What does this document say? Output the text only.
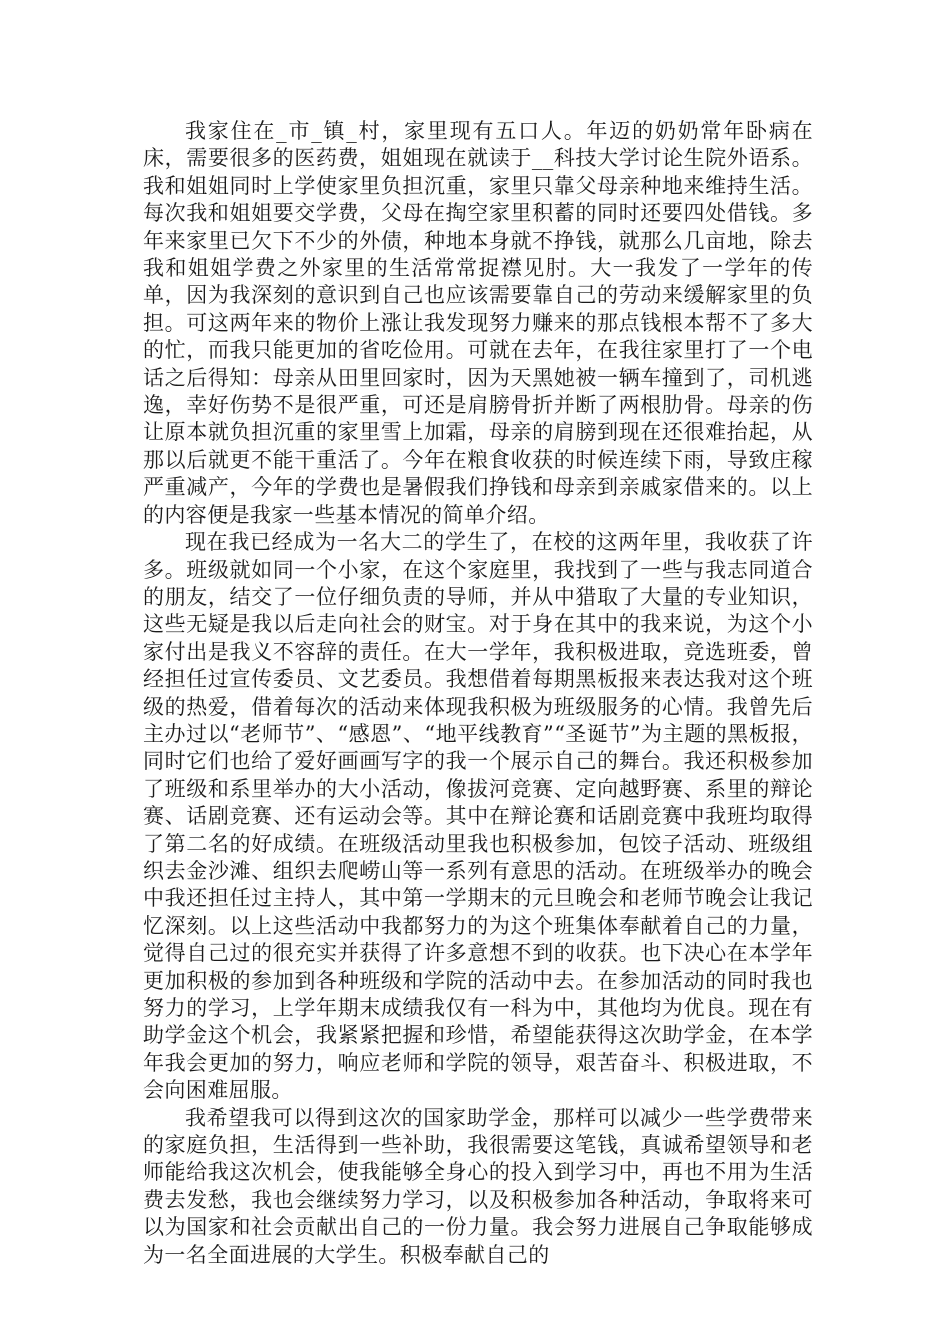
我家住在_市_镇_村，家里现有五口人。年迈的奶奶常年卧病在床，需要很多的医药费，姐姐现在就读于__科技大学讨论生院外语系。我和姐姐同时上学使家里负担沉重，家里只靠父母亲种地来维持生活。每次我和姐姐要交学费，父母在掏空家里积蓄的同时还要四处借钱。多年来家里已欠下不少的外债，种地本身就不挣钱，就那么几亩地，除去我和姐姐学费之外家里的生活常常捉襟见肘。大一我发了一学年的传单，因为我深刻的意识到自己也应该需要靠自己的劳动来缓解家里的负担。可这两年来的物价上涨让我发现努力赚来的那点钱根本帮不了多大的忙，而我只能更加的省吃俭用。可就在去年，在我往家里打了一个电话之后得知：母亲从田里回家时，因为天黑她被一辆车撞到了，司机逃逸，幸好伤势不是很严重，可还是肩膀骨折并断了两根肋骨。母亲的伤让原本就负担沉重的家里雪上加霜，母亲的肩膀到现在还很难抬起，从那以后就更不能干重活了。今年在粮食收获的时候连续下雨，导致庄稼严重减产，今年的学费也是暑假我们挣钱和母亲到亲戚家借来的。以上的内容便是我家一些基本情况的简单介绍。

现在我已经成为一名大二的学生了，在校的这两年里，我收获了许多。班级就如同一个小家，在这个家庭里，我找到了一些与我志同道合的朋友，结交了一位仔细负责的导师，并从中猎取了大量的专业知识，这些无疑是我以后走向社会的财宝。对于身在其中的我来说，为这个小家付出是我义不容辞的责任。在大一学年，我积极进取，竞选班委，曾经担任过宣传委员、文艺委员。我想借着每期黑板报来表达我对这个班级的热爱，借着每次的活动来体现我积极为班级服务的心情。我曾先后主办过以“老师节”、“感恩”、“地平线教育”“圣诞节”为主题的黑板报，同时它们也给了爱好画画写字的我一个展示自己的舞台。我还积极参加了班级和系里举办的大小活动，像拔河竞赛、定向越野赛、系里的辩论赛、话剧竞赛、还有运动会等。其中在辩论赛和话剧竞赛中我班均取得了第二名的好成绩。在班级活动里我也积极参加，包饺子活动、班级组织去金沙滩、组织去爬崂山等一系列有意思的活动。在班级举办的晚会中我还担任过主持人，其中第一学期末的元旦晚会和老师节晚会让我记忆深刻。以上这些活动中我都努力的为这个班集体奉献着自己的力量，觉得自己过的很充实并获得了许多意想不到的收获。也下决心在本学年更加积极的参加到各种班级和学院的活动中去。在参加活动的同时我也努力的学习，上学年期末成绩我仅有一科为中，其他均为优良。现在有助学金这个机会，我紧紧把握和珍惜，希望能获得这次助学金，在本学年我会更加的努力，响应老师和学院的领导，艰苦奋斗、积极进取，不会向困难屈服。

我希望我可以得到这次的国家助学金，那样可以减少一些学费带来的家庭负担，生活得到一些补助，我很需要这笔钱，真诚希望领导和老师能给我这次机会，使我能够全身心的投入到学习中，再也不用为生活费去发愁，我也会继续努力学习，以及积极参加各种活动，争取将来可以为国家和社会贡献出自己的一份力量。我会努力进展自己争取能够成为一名全面进展的大学生。积极奉献自己的
